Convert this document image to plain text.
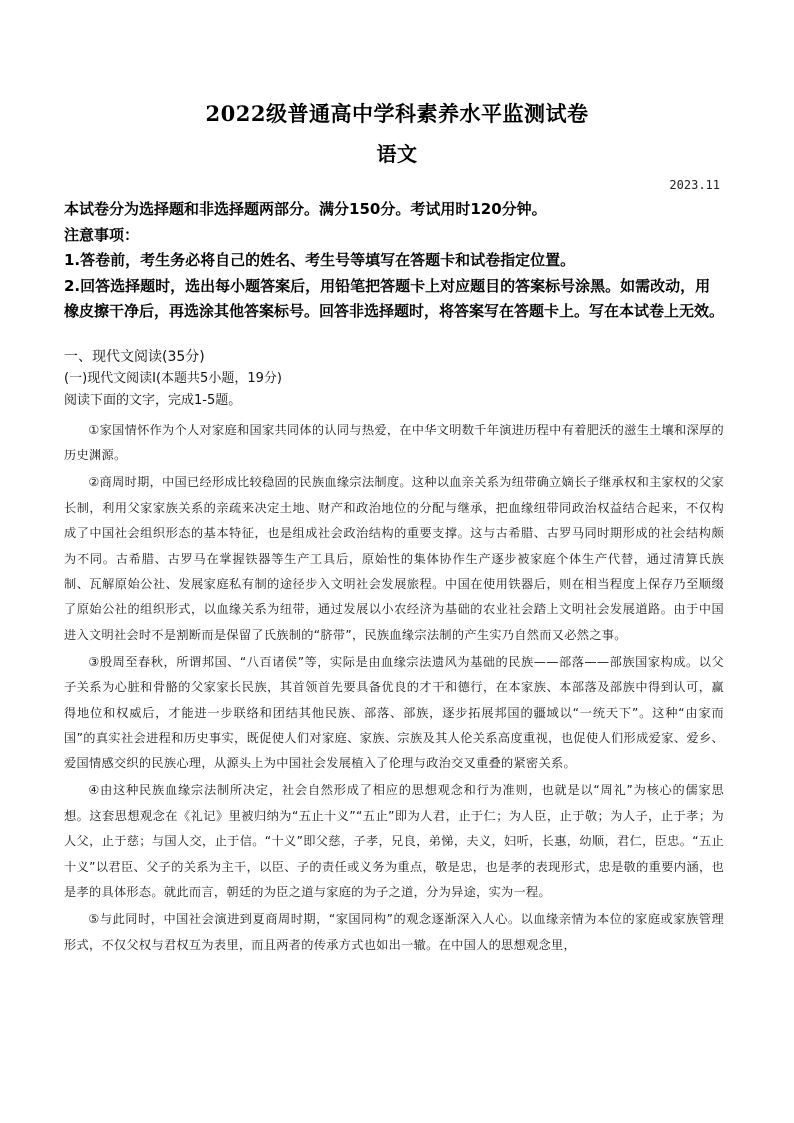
2022级普通高中学科素养水平监测试卷
语文
2023.11
本试卷分为选择题和非选择题两部分。满分150分。考试用时120分钟。
注意事项：
1.答卷前，考生务必将自己的姓名、考生号等填写在答题卡和试卷指定位置。
2.回答选择题时，选出每小题答案后，用铅笔把答题卡上对应题目的答案标号涂黑。如需改动，用橡皮擦干净后，再选涂其他答案标号。回答非选择题时，将答案写在答题卡上。写在本试卷上无效。
一、现代文阅读(35分)
(一)现代文阅读Ⅰ(本题共5小题，19分)
阅读下面的文字，完成1-5题。

①家国情怀作为个人对家庭和国家共同体的认同与热爱，在中华文明数千年演进历程中有着肥沃的滋生土壤和深厚的历史渊源。

②商周时期，中国已经形成比较稳固的民族血缘宗法制度。这种以血亲关系为纽带确立嫡长子继承权和主家权的父家长制，利用父家家族关系的亲疏来决定土地、财产和政治地位的分配与继承，把血缘纽带同政治权益结合起来，不仅构成了中国社会组织形态的基本特征，也是组成社会政治结构的重要支撑。这与古希腊、古罗马同时期形成的社会结构颇为不同。古希腊、古罗马在掌握铁器等生产工具后，原始性的集体协作生产逐步被家庭个体生产代替，通过清算氏族制、瓦解原始公社、发展家庭私有制的途径步入文明社会发展旅程。中国在使用铁器后，则在相当程度上保存乃至顺缀了原始公社的组织形式，以血缘关系为纽带，通过发展以小农经济为基础的农业社会踏上文明社会发展道路。由于中国进入文明社会时不是割断而是保留了氏族制的“脐带”，民族血缘宗法制的产生实乃自然而又必然之事。

③殷周至春秋，所谓邦国、“八百诸侯”等，实际是由血缘宗法遗风为基础的民族——部落——部族国家构成。以父子关系为心脏和骨骼的父家家长民族，其首领首先要具备优良的才干和德行，在本家族、本部落及部族中得到认可，赢得地位和权威后，才能进一步联络和团结其他民族、部落、部族，逐步拓展邦国的疆域以“一统天下”。这种“由家而国”的真实社会进程和历史事实，既促使人们对家庭、家族、宗族及其人伦关系高度重视，也促使人们形成爱家、爱乡、爱国情感交织的民族心理，从源头上为中国社会发展植入了伦理与政治交叉重叠的紧密关系。

④由这种民族血缘宗法制所决定，社会自然形成了相应的思想观念和行为准则，也就是以“周礼”为核心的儒家思想。这套思想观念在《礼记》里被归纳为“五止十义”“五止”即为人君，止于仁；为人臣，止于敬；为人子，止于孝；为人父，止于慈；与国人交，止于信。“十义”即父慈，子孝，兄良，弟悌，夫义，妇听，长惠，幼顺，君仁，臣忠。“五止十义”以君臣、父子的关系为主干，以臣、子的责任或义务为重点，敬是忠，也是孝的表现形式，忠是敬的重要内涵，也是孝的具体形态。就此而言，朝廷的为臣之道与家庭的为子之道，分为异途，实为一程。

⑤与此同时，中国社会演进到夏商周时期，“家国同构”的观念逐渐深入人心。以血缘亲情为本位的家庭或家族管理形式，不仅父权与君权互为表里，而且两者的传承方式也如出一辙。在中国人的思想观念里，
